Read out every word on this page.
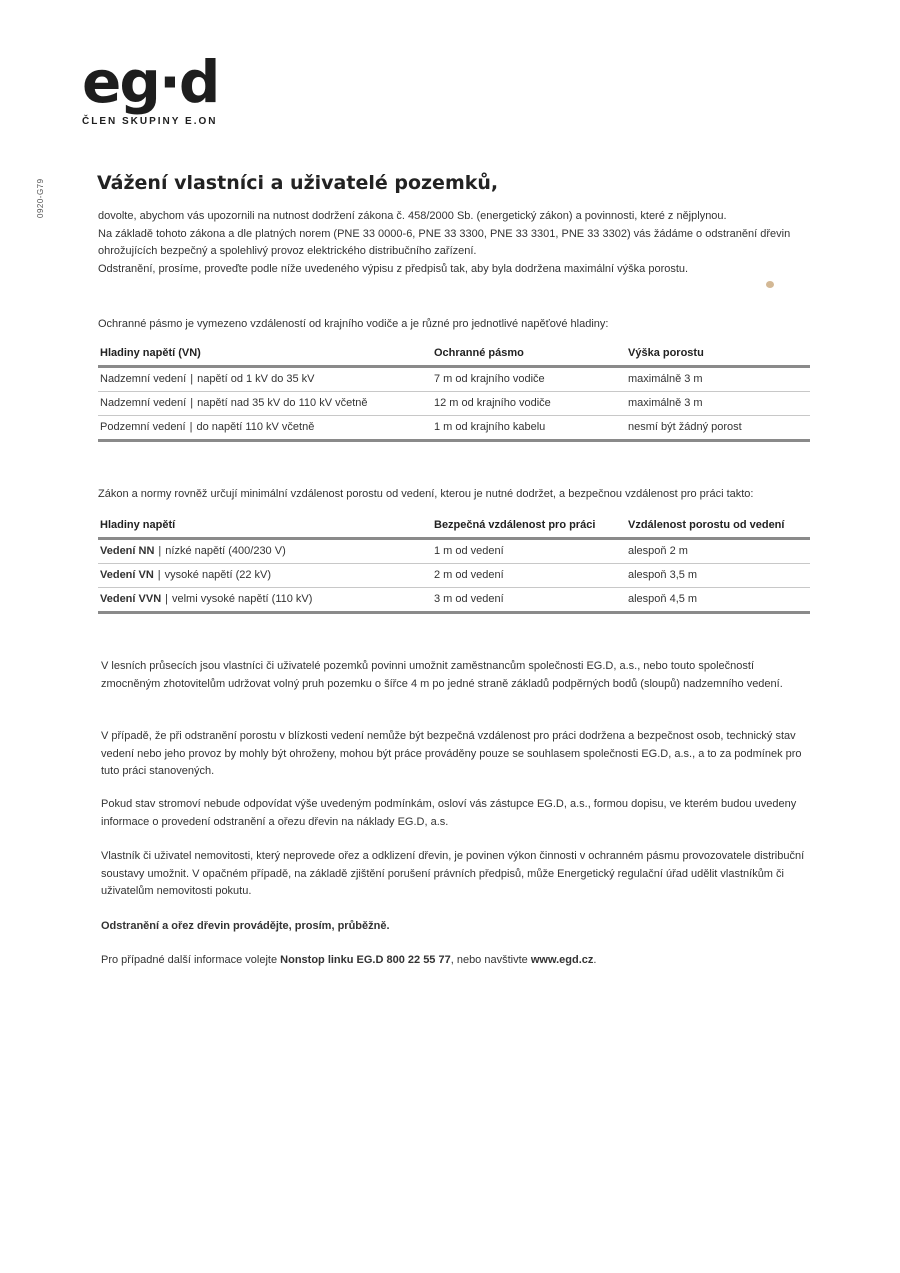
eg·d
ČLEN SKUPINY E.ON
0920-G79	Vážení vlastníci a uživatelé pozemků,

dovolte, abychom vás upozornili na nutnost dodržení zákona č. 458/2000 Sb. (energetický zákon) a povinnosti, které z nějplynou.

Na základě tohoto zákona a dle platných norem (PNE 33 0000-6, PNE 33 3300, PNE 33 3301, PNE 33 3302) vás žádáme o odstranění dřevin ohrožujících bezpečný a spolehlivý provoz elektrického distribučního zařízení.

Odstranění, prosíme, proveďte podle níže uvedeného výpisu z předpisů tak, aby byla dodržena maximální výška porostu.

Ochranné pásmo je vymezeno vzdáleností od krajního vodiče a je různé pro jednotlivé napěťové hladiny:

Hladiny napětí (VN)	Ochranné pásmo	Výška porostu
Nadzemní vedení | napětí od 1 kV do 35 kV	7 m od krajního vodiče	maximálně 3 m
Nadzemní vedení | napětí nad 35 kV do 110 kV včetně	12 m od krajního vodiče	maximálně 3 m
Podzemní vedení | do napětí 110 kV včetně	1 m od krajního kabelu	nesmí být žádný porost

Zákon a normy rovněž určují minimální vzdálenost porostu od vedení, kterou je nutné dodržet, a bezpečnou vzdálenost pro práci takto:

Hladiny napětí	Bezpečná vzdálenost pro práci	Vzdálenost porostu od vedení
Vedení NN | nízké napětí (400/230 V)	1 m od vedení	alespoň 2 m
Vedení VN | vysoké napětí (22 kV)	2 m od vedení	alespoň 3,5 m
Vedení VVN | velmi vysoké napětí (110 kV)	3 m od vedení	alespoň 4,5 m

V lesních průsecích jsou vlastníci či uživatelé pozemků povinni umožnit zaměstnancům společnosti EG.D, a.s., nebo touto společností zmocněným zhotovitelům udržovat volný pruh pozemku o šířce 4 m po jedné straně základů podpěrných bodů (sloupů) nadzemního vedení.

V případě, že při odstranění porostu v blízkosti vedení nemůže být bezpečná vzdálenost pro práci dodržena a bezpečnost osob, technický stav vedení nebo jeho provoz by mohly být ohroženy, mohou být práce prováděny pouze se souhlasem společnosti EG.D, a.s., a to za podmínek pro tuto práci stanovených.

Pokud stav stromoví nebude odpovídat výše uvedeným podmínkám, osloví vás zástupce EG.D, a.s., formou dopisu, ve kterém budou uvedeny informace o provedení odstranění a ořezu dřevin na náklady EG.D, a.s.

Vlastník či uživatel nemovitosti, který neprovede ořez a odklizení dřevin, je povinen výkon činnosti v ochranném pásmu provozovatele distribuční soustavy umožnit. V opačném případě, na základě zjištění porušení právních předpisů, může Energetický regulační úřad udělit vlastníkům či uživatelům nemovitosti pokutu.

Odstranění a ořez dřevin provádějte, prosím, průběžně.

Pro případné další informace volejte Nonstop linku EG.D 800 22 55 77, nebo navštivte www.egd.cz.
